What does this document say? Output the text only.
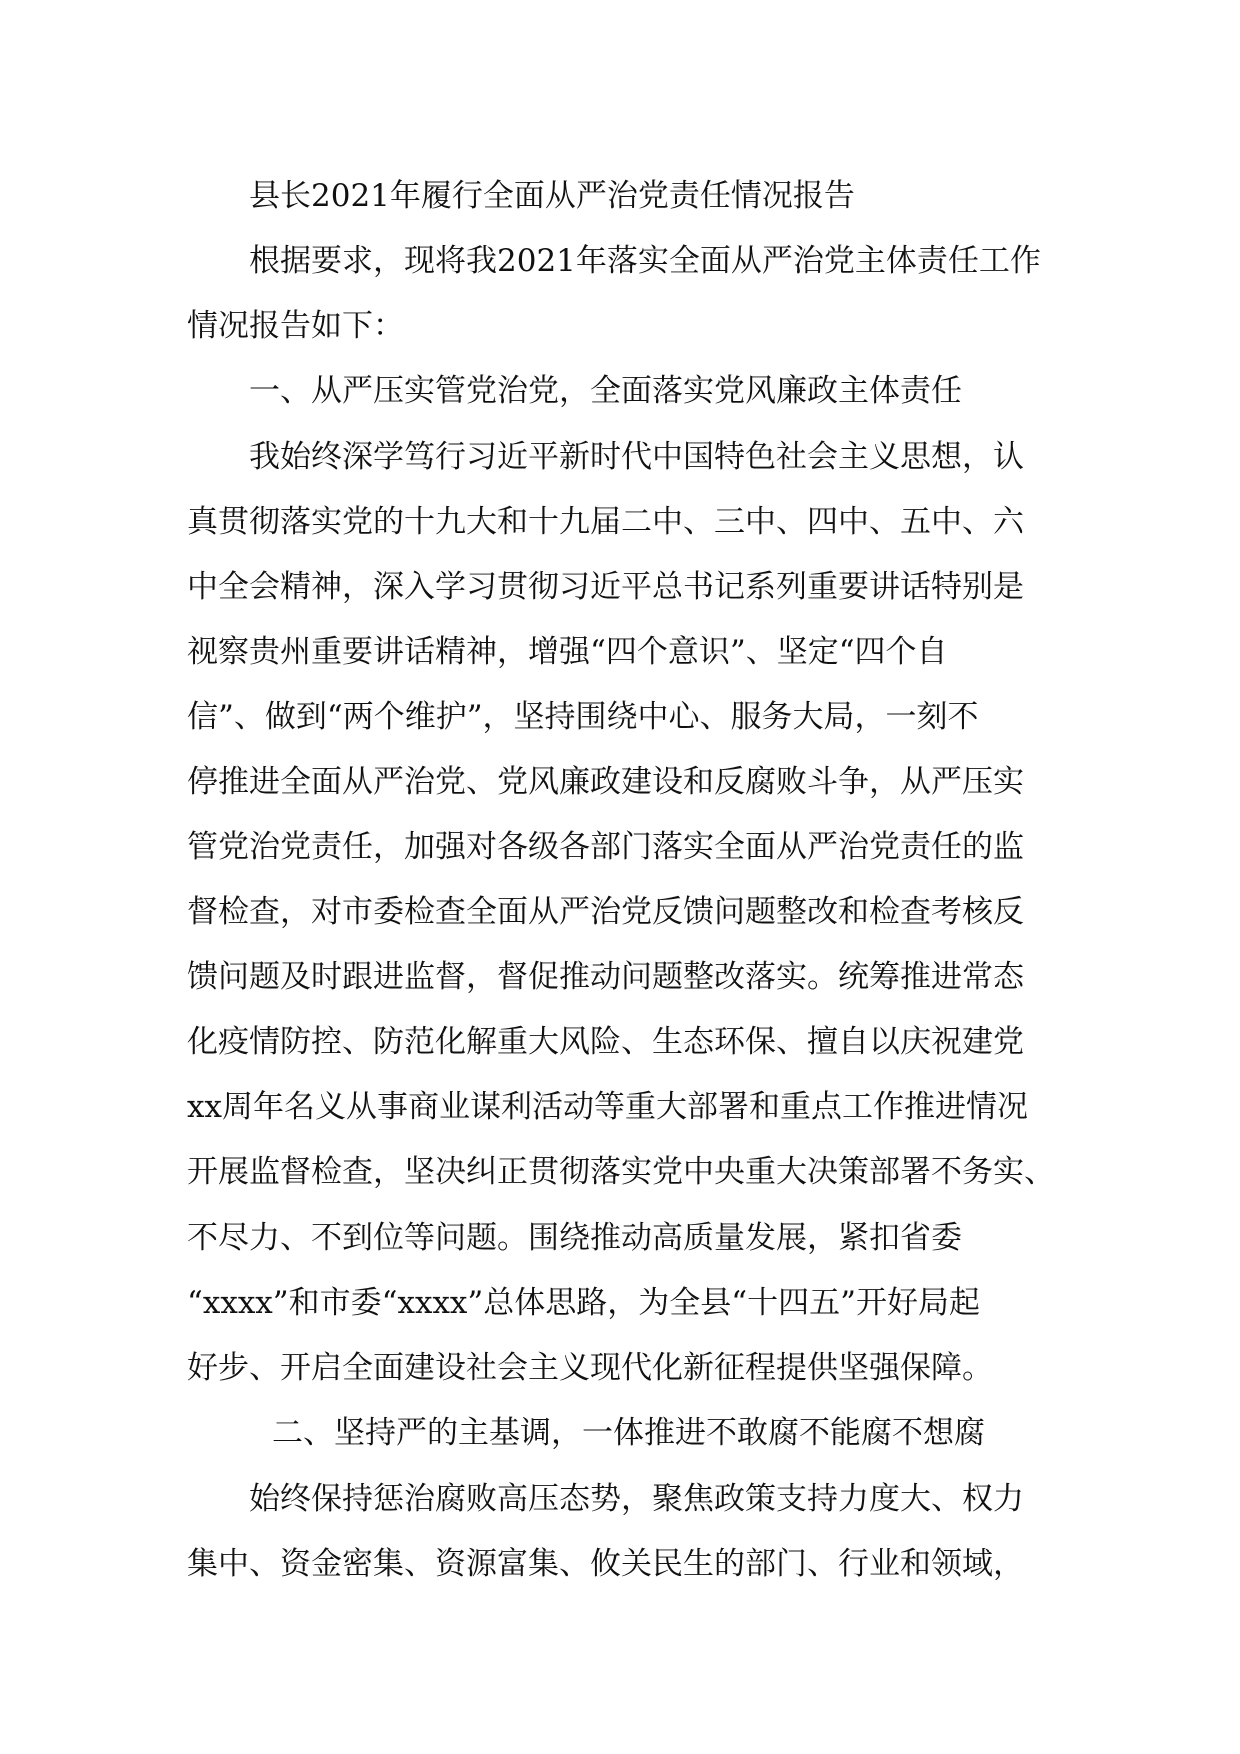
县长2021年履行全面从严治党责任情况报告
根据要求，现将我2021年落实全面从严治党主体责任工作
情况报告如下：
一、从严压实管党治党，全面落实党风廉政主体责任
我始终深学笃行习近平新时代中国特色社会主义思想，认
真贯彻落实党的十九大和十九届二中、三中、四中、五中、六
中全会精神，深入学习贯彻习近平总书记系列重要讲话特别是
视察贵州重要讲话精神，增强“四个意识”、坚定“四个自
信”、做到“两个维护”，坚持围绕中心、服务大局，一刻不
停推进全面从严治党、党风廉政建设和反腐败斗争，从严压实
管党治党责任，加强对各级各部门落实全面从严治党责任的监
督检查，对市委检查全面从严治党反馈问题整改和检查考核反
馈问题及时跟进监督，督促推动问题整改落实。统筹推进常态
化疫情防控、防范化解重大风险、生态环保、擅自以庆祝建党
xx周年名义从事商业谋利活动等重大部署和重点工作推进情况
开展监督检查，坚决纠正贯彻落实党中央重大决策部署不务实、
不尽力、不到位等问题。围绕推动高质量发展，紧扣省委
“xxxx”和市委“xxxx”总体思路，为全县“十四五”开好局起
好步、开启全面建设社会主义现代化新征程提供坚强保障。
二、坚持严的主基调，一体推进不敢腐不能腐不想腐
始终保持惩治腐败高压态势，聚焦政策支持力度大、权力
集中、资金密集、资源富集、攸关民生的部门、行业和领域，
